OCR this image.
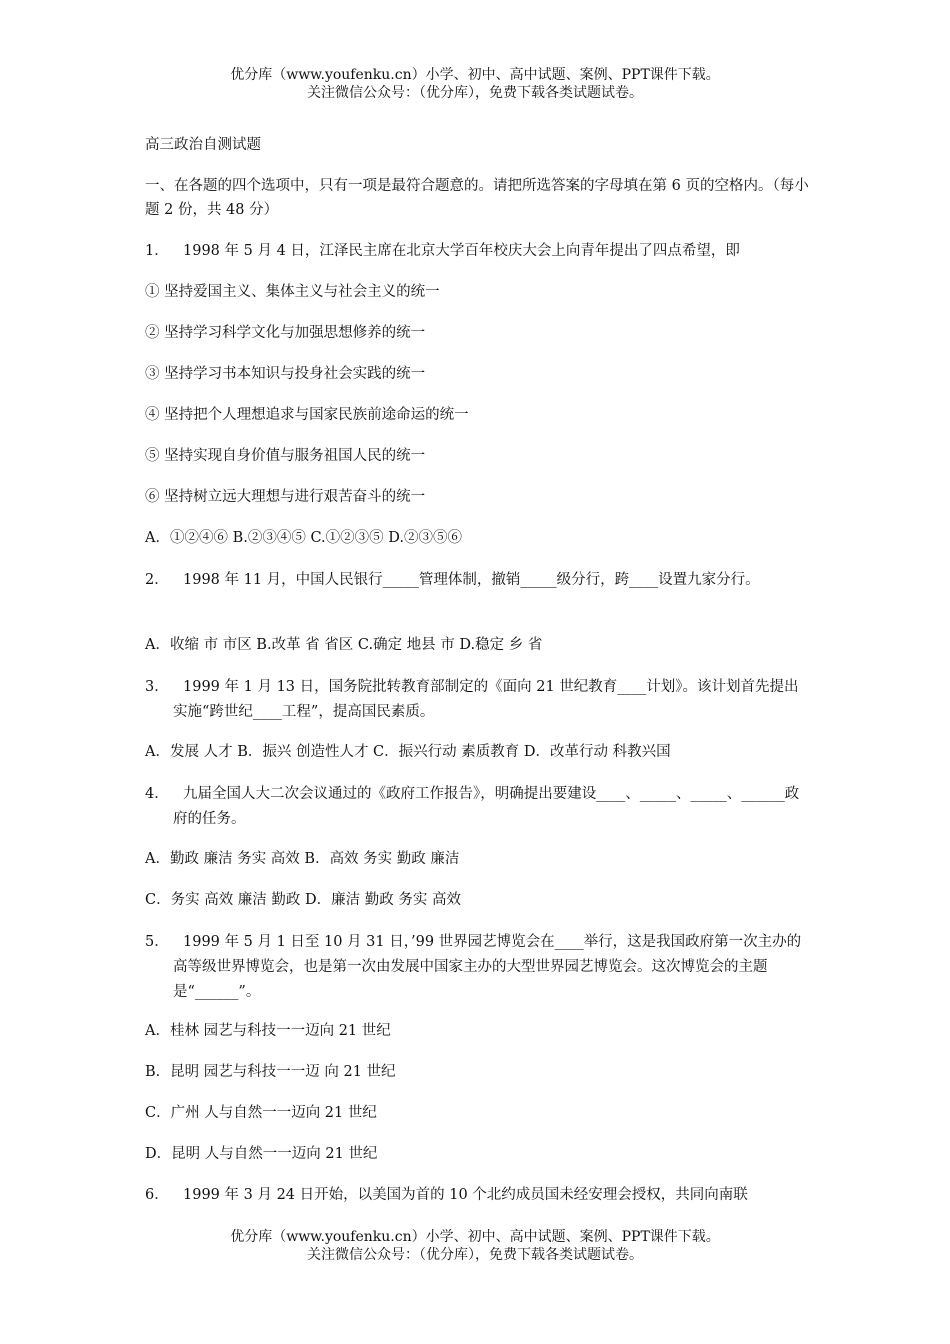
优分库（www.youfenku.cn）小学、初中、高中试题、案例、PPT课件下载。
关注微信公众号：（优分库），免费下载各类试题试卷。
高三政治自测试题
一、在各题的四个选项中，只有一项是最符合题意的。请把所选答案的字母填在第 6 页的空格内。（每小题 2 份，共 48 分）
1． 1998 年 5 月 4 日，江泽民主席在北京大学百年校庆大会上向青年提出了四点希望，即
① 坚持爱国主义、集体主义与社会主义的统一
② 坚持学习科学文化与加强思想修养的统一
③ 坚持学习书本知识与投身社会实践的统一
④ 坚持把个人理想追求与国家民族前途命运的统一
⑤ 坚持实现自身价值与服务祖国人民的统一
⑥ 坚持树立远大理想与进行艰苦奋斗的统一
A．①②④⑥ B.②③④⑤ C.①②③⑤ D.②③⑤⑥
2． 1998 年 11 月，中国人民银行_____管理体制，撤销_____级分行，跨____设置九家分行。
A．收缩 市 市区 B.改革 省 省区 C.确定 地县 市 D.稳定 乡 省
3． 1999 年 1 月 13 日，国务院批转教育部制定的《面向 21 世纪教育____计划》。该计划首先提出实施“跨世纪____工程”，提高国民素质。
A．发展 人才 B．振兴 创造性人才 C．振兴行动 素质教育 D．改革行动 科教兴国
4． 九届全国人大二次会议通过的《政府工作报告》，明确提出要建设____、_____、_____、______政府的任务。
A．勤政 廉洁 务实 高效 B．高效 务实 勤政 廉洁
C．务实 高效 廉洁 勤政 D．廉洁 勤政 务实 高效
5． 1999 年 5 月 1 日至 10 月 31 日，’99 世界园艺博览会在____举行，这是我国政府第一次主办的高等级世界博览会，也是第一次由发展中国家主办的大型世界园艺博览会。这次博览会的主题是“______”。
A．桂林 园艺与科技一一迈向 21 世纪
B．昆明 园艺与科技一一迈 向 21 世纪
C．广州 人与自然一一迈向 21 世纪
D．昆明 人与自然一一迈向 21 世纪
6． 1999 年 3 月 24 日开始，以美国为首的 10 个北约成员国未经安理会授权，共同向南联
优分库（www.youfenku.cn）小学、初中、高中试题、案例、PPT课件下载。
关注微信公众号：（优分库），免费下载各类试题试卷。
